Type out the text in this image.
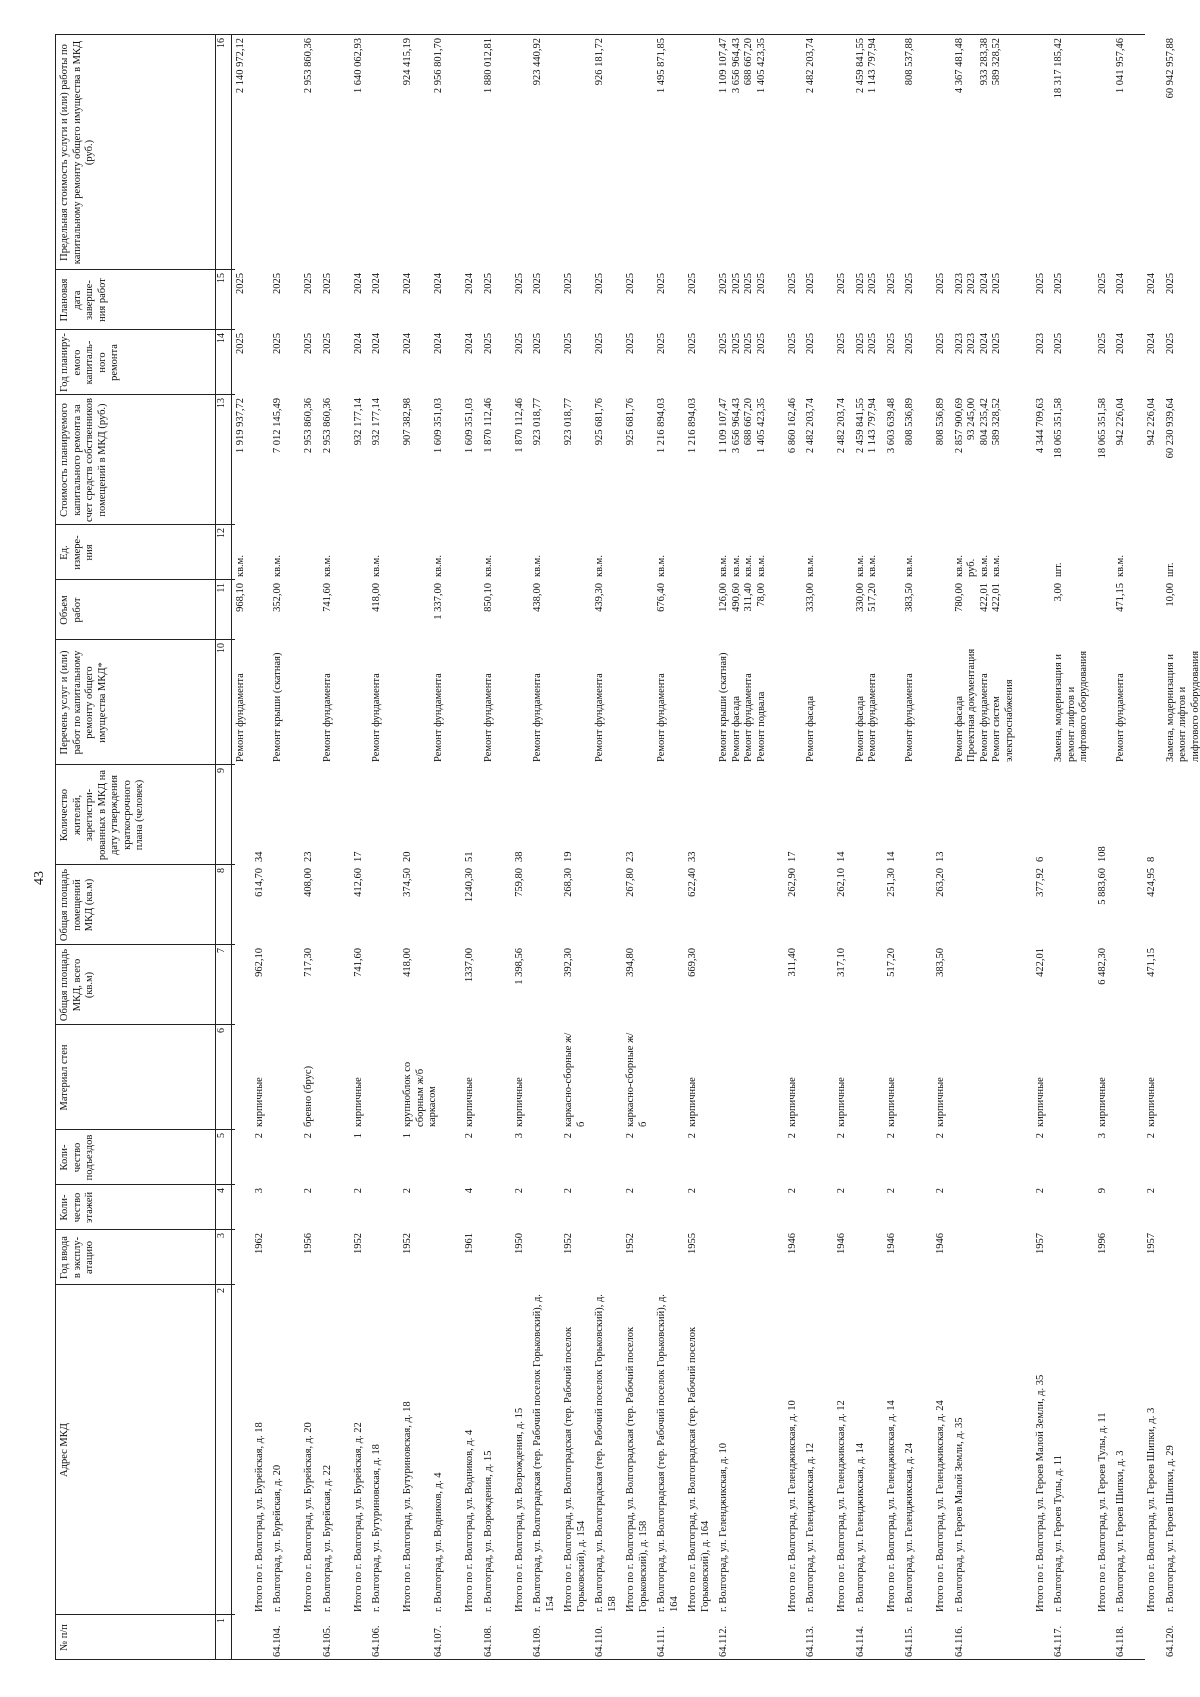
43
№ п/п
1
Адрес МКД
2
Год ввода в эксплу-атацию
3
Коли-чество этажей
4
Коли-чество подъездов	5
Материал стен
6
Общая площадь МКД, всего (кв.м)
7
Общая площадь помещений МКД (кв.м)
8
Количество жителей, зарегистри-рованных в МКД на дату утверждения краткосрочного плана (человек)
9
Перечень услуг и (или) работ по капитальному ремонту общего имущества МКД*
10
Объем работ
11
Ед. измере-ния
12
Стоимость планируемого капитального ремонта за счет средств собственников помещений в МКД (руб.)
13
Год планиру-емого капиталь-ного ремонта
14
Плановая дата заверше-ния работ
15
Предельная стоимость услуги и (или) работы по капитальному ремонту общего имущества в МКД (руб.)
16
Ремонт фундамента
968,10
кв.м.
1 919 937,72
2025
2025
2 140 972,12
Итого по г. Волгоград, ул. Бурейская, д. 18
1962
3
2
кирпичные
962,10
614,70
34
64.104.
г. Волгоград, ул. Бурейская, д. 20
Ремонт крыши (скатная)
352,00
кв.м.
7 012 145,49
2025
2025
Итого по г. Волгоград, ул. Бурейская, д. 20
1956
2
2
бревно (брус)
717,30
408,00
23
2 953 860,36
2025
2025
2 953 860,36
64.105.
г. Волгоград, ул. Бурейская, д. 22
Ремонт фундамента
741,60
кв.м.
2 953 860,36
2025
2025
Итого по г. Волгоград, ул. Бурейская, д. 22
1952
2
1
кирпичные
741,60
412,60
17
932 177,14
2024
2024
1 640 062,93
64.106.
г. Волгоград, ул. Бутуриновская, д. 18
Ремонт фундамента
418,00
кв.м.
932 177,14
2024
2024
Итого по г. Волгоград, ул. Бутуриновская, д. 18
1952
2
1
крупноблок со сборным ж/б каркасом
418,00
374,50
20
907 382,98
2024
2024
924 415,19
64.107.
г. Волгоград, ул. Водников, д. 4
Ремонт фундамента
1 337,00
кв.м.
1 609 351,03
2024
2024
2 956 801,70
Итого по г. Волгоград, ул. Водников, д. 4
1961
4
2
кирпичные
1337,00
1240,30
51
1 609 351,03
2024
2024
64.108.
г. Волгоград, ул. Возрождения, д. 15
Ремонт фундамента
850,10
кв.м.
1 870 112,46
2025
2025
1 880 012,81
Итого по г. Волгоград, ул. Возрождения, д. 15
1950
2
3
кирпичные
1 398,56
759,80
38
1 870 112,46
2025
2025
64.109.
г. Волгоград, ул. Волгоградская (тер. Рабочий поселок Горьковский), д. 154
Ремонт фундамента
438,00
кв.м.
923 018,77
2025
2025
923 440,92
Итого по г. Волгоград, ул. Волгоградская (тер. Рабочий поселок Горьковский), д. 154
1952
2
2
каркасно-сборные ж/б
392,30
268,30
19
923 018,77
2025
2025
64.110.
г. Волгоград, ул. Волгоградская (тер. Рабочий поселок Горьковский), д. 158
Ремонт фундамента
439,30
кв.м.
925 681,76
2025
2025
926 181,72
Итого по г. Волгоград, ул. Волгоградская (тер. Рабочий поселок Горьковский), д. 158
1952
2
2
каркасно-сборные ж/б
394,80
267,80
23
925 681,76
2025
2025
64.111.
г. Волгоград, ул. Волгоградская (тер. Рабочий поселок Горьковский), д. 164
Ремонт фундамента
676,40
кв.м.
1 216 894,03
2025
2025
1 495 871,85
Итого по г. Волгоград, ул. Волгоградская (тер. Рабочий поселок Горьковский), д. 164
1955
2
2
кирпичные
669,30
622,40
33
1 216 894,03
2025
2025
64.112.
г. Волгоград, ул. Геленджикская, д. 10
Ремонт крыши (скатная)
Ремонт фасада
Ремонт фундамента
Ремонт подвала
126,00
490,60
311,40
78,00
кв.м.
кв.м.
кв.м.
кв.м.
1 109 107,47
3 656 964,43
688 667,20
1 405 423,35
2025
2025
2025
2025
2025
2025
2025
2025
1 109 107,47
3 656 964,43
688 667,20
1 405 423,35
Итого по г. Волгоград, ул. Геленджикская, д. 10
1946
2
2
кирпичные
311,40
262,90
17
6 860 162,46
2025
2025
64.113.
г. Волгоград, ул. Геленджикская, д. 12
Ремонт фасада
333,00
кв.м.
2 482 203,74
2025
2025
2 482 203,74
Итого по г. Волгоград, ул. Геленджикская, д. 12
1946
2
2
кирпичные
317,10
262,10
14
2 482 203,74
2025
2025
64.114.
г. Волгоград, ул. Геленджикская, д. 14
Ремонт фасада
Ремонт фундамента
330,00
517,20
кв.м.
кв.м.
2 459 841,55
1 143 797,94
2025
2025
2025
2025
2 459 841,55
1 143 797,94
Итого по г. Волгоград, ул. Геленджикская, д. 14
1946
2
2
кирпичные
517,20
251,30
14
3 603 639,48
2025
2025
64.115.
г. Волгоград, ул. Геленджикская, д. 24
Ремонт фундамента
383,50
кв.м.
808 536,89
2025
2025
808 537,88
Итого по г. Волгоград, ул. Геленджикская, д. 24
1946
2
2
кирпичные
383,50
263,20
13
808 536,89
2025
2025
64.116.
г. Волгоград, ул. Героев Малой Земли, д. 35
Ремонт фасада
Проектная документация
Ремонт фундамента
Ремонт систем электроснабжения
780,00

422,01
422,01
кв.м.
руб.
кв.м.
кв.м.
2 857 900,69
93 245,00
804 235,42
589 328,52
2023
2023
2024
2025
2023
2023
2024
2025
4 367 481,48

933 283,38
589 328,52
Итого по г. Волгоград, ул. Героев Малой Земли, д. 35
1957
2
2
кирпичные
422,01
377,92
6
4 344 709,63
2023
2025
64.117.
г. Волгоград, ул. Героев Тулы, д. 11
Замена, модернизация и ремонт лифтов и лифтового оборудования
3,00
шт.
18 065 351,58
2025
2025
18 317 185,42
Итого по г. Волгоград, ул. Героев Тулы, д. 11
1996
9
3
кирпичные
6 482,30
5 883,60
108
18 065 351,58
2025
2025
64.118.
г. Волгоград, ул. Героев Шипки, д. 3
Ремонт фундамента
471,15
кв.м.
942 226,04
2024
2024
1 041 957,46
Итого по г. Волгоград, ул. Героев Шипки, д. 3
1957
2
2
кирпичные
471,15
424,95
8
942 226,04
2024
2024
64.120.
г. Волгоград, ул. Героев Шипки, д. 29
Замена, модернизация и ремонт лифтов и лифтового оборудования
10,00
шт.
60 230 939,64
2025
2025
60 942 957,88
